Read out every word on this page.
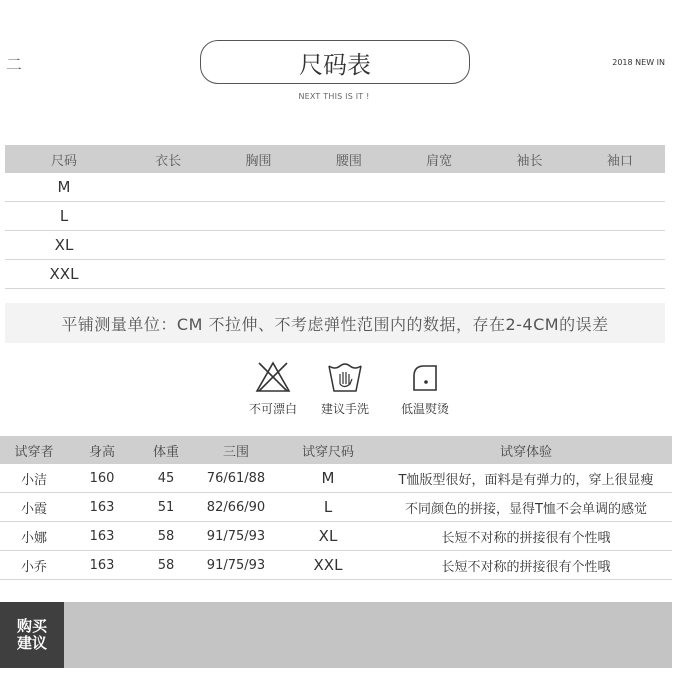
二	尺码表
NEXT THIS IS IT !
2018 NEW IN
尺码	衣长	胸围	腰围	肩宽	袖长	袖口
M						
L						
XL						
XXL						
平铺测量单位：CM 不拉伸、不考虑弹性范围内的数据，存在2-4CM的误差
不可漂白	建议手洗	低温熨烫
试穿者	身高	体重	三围	试穿尺码	试穿体验
小洁	160	45	76/61/88	M	T恤版型很好，面料是有弹力的，穿上很显瘦
小霞	163	51	82/66/90	L	不同颜色的拼接，显得T恤不会单调的感觉
小娜	163	58	91/75/93	XL	长短不对称的拼接很有个性哦
小乔	163	58	91/75/93	XXL	长短不对称的拼接很有个性哦
购买
建议
